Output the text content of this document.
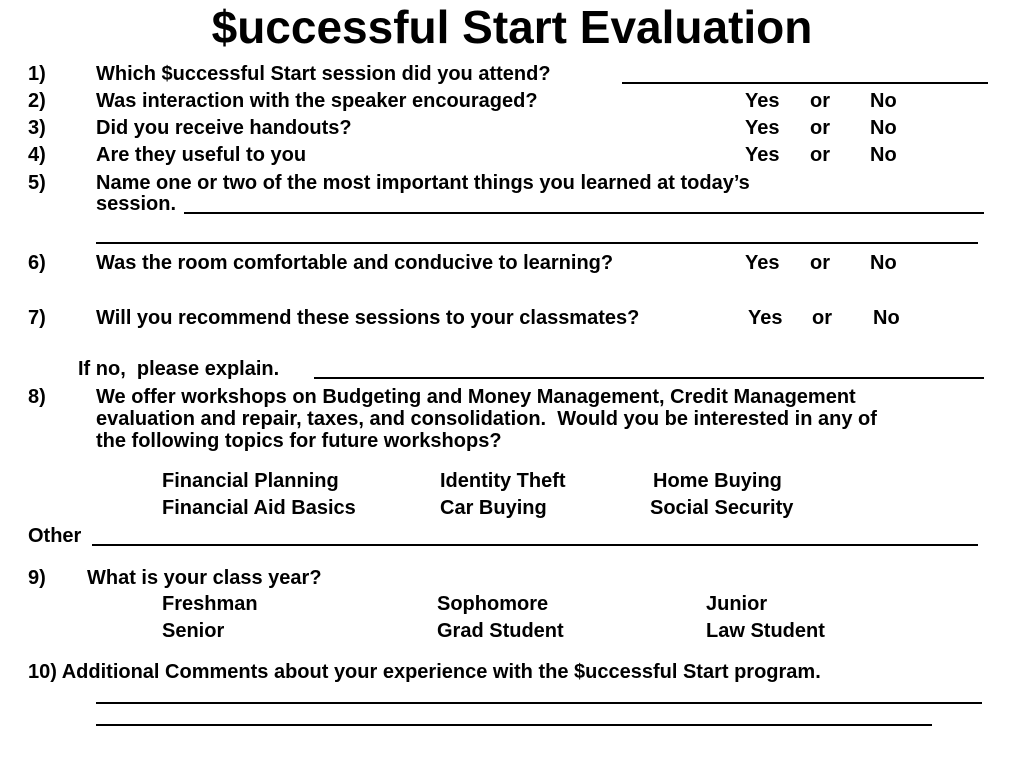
$uccessful Start Evaluation
1)	Which $uccessful Start session did you attend?
2)	Was interaction with the speaker encouraged?	Yes or No
3)	Did you receive handouts?	Yes or No
4)	Are they useful to you	Yes or No
5)	Name one or two of the most important things you learned at today’s
session.
6)	Was the room comfortable and conducive to learning?	Yes or No
7)	Will you recommend these sessions to your classmates?	Yes or No
If no,  please explain.
8)	We offer workshops on Budgeting and Money Management, Credit Management
evaluation and repair, taxes, and consolidation.  Would you be interested in any of
the following topics for future workshops?
Financial Planning	Identity Theft	Home Buying
Financial Aid Basics	Car Buying	Social Security
Other
9) What is your class year?
Freshman	Sophomore	Junior
Senior	Grad Student	Law Student
10) Additional Comments about your experience with the $uccessful Start program.
